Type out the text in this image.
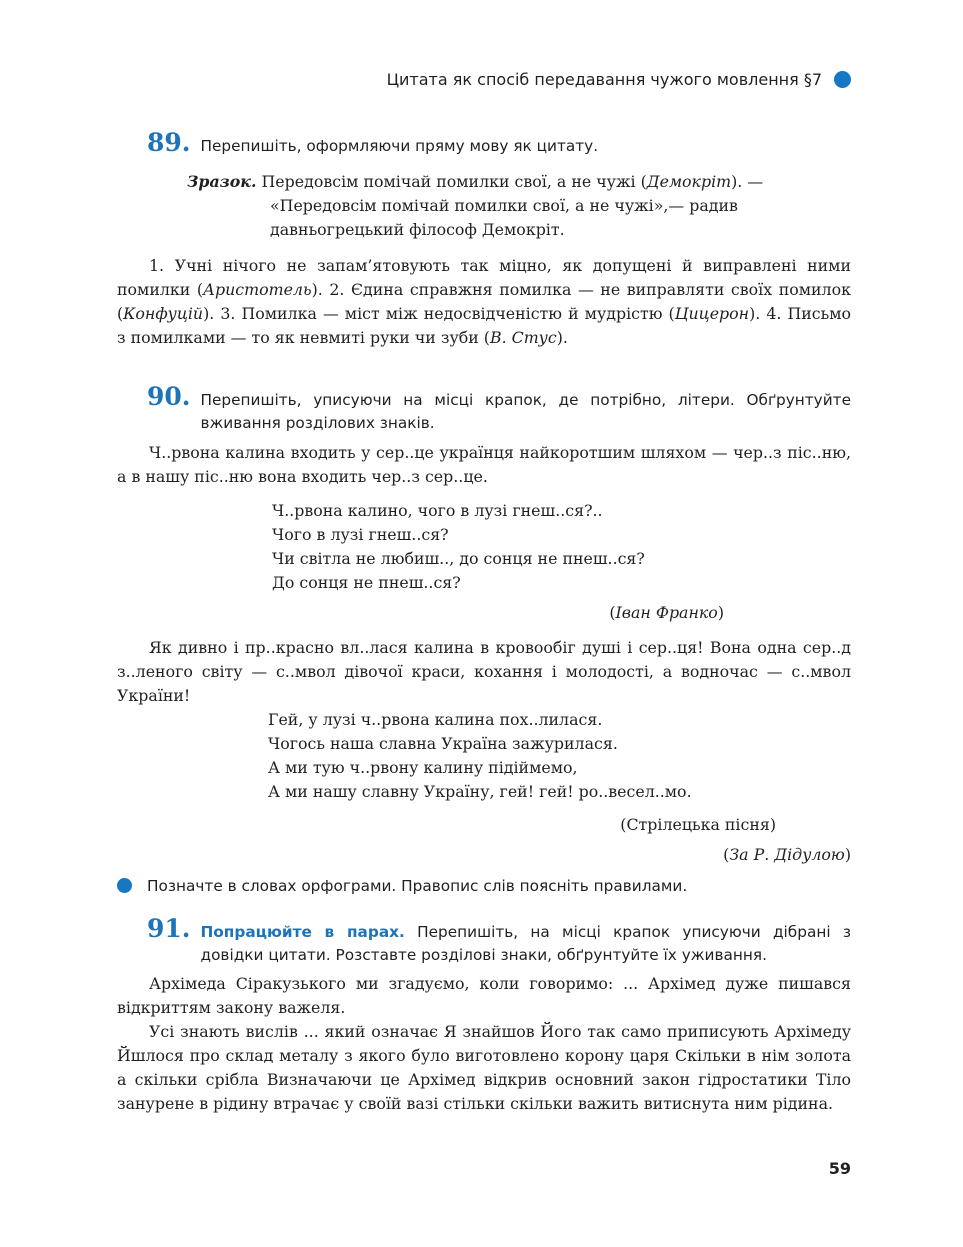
Цитата як спосіб передавання чужого мовлення §7
89. Перепишіть, оформляючи пряму мову як цитату.
Зразок. Передовсім помічай помилки свої, а не чужі (Демокріт). —
«Передовсім помічай помилки свої, а не чужі»,— радив
давньогрецький філософ Демокріт.

1. Учні нічого не запам’ятовують так міцно, як допущені й виправлені ними помилки (Аристотель). 2. Єдина справжня помилка — не виправляти своїх помилок (Конфуцій). 3. Помилка — міст між недосвідченістю й мудрістю (Цицерон). 4. Письмо з помилками — то як невмиті руки чи зуби (В. Стус).

90. Перепишіть, уписуючи на місці крапок, де потрібно, літери. Обґрунтуйте вживання розділових знаків.

Ч..рвона калина входить у сер..це українця найкоротшим шляхом — чер..з піс..ню, а в нашу піс..ню вона входить чер..з сер..це.

Ч..рвона калино, чого в лузі гнеш..ся?..
Чого в лузі гнеш..ся?
Чи світла не любиш.., до сонця не пнеш..ся?
До сонця не пнеш..ся?
(Іван Франко)

Як дивно і пр..красно вл..лася калина в кровообіг душі і сер..ця! Вона одна сер..д з..леного світу — с..мвол дівочої краси, кохання і молодості, а водночас — с..мвол України!

Гей, у лузі ч..рвона калина пох..лилася.
Чогось наша славна Україна зажурилася.
А ми тую ч..рвону калину підіймемо,
А ми нашу славну Україну, гей! гей! ро..весел..мо.
(Стрілецька пісня)
(За Р. Дідулою)
Позначте в словах орфограми. Правопис слів поясніть правилами.
91. Попрацюйте в парах. Перепишіть, на місці крапок уписуючи дібрані з довідки цитати. Розставте розділові знаки, обґрунтуйте їх уживання.

Архімеда Сіракузького ми згадуємо, коли говоримо: ... Архімед дуже пишався відкриттям закону важеля.

Усі знають вислів ... який означає Я знайшов Його так само приписують Архімеду Йшлося про склад металу з якого було виготовлено корону царя Скільки в нім золота а скільки срібла Визначаючи це Архімед відкрив основний закон гідростатики Тіло занурене в рідину втрачає у своїй вазі стільки скільки важить витиснута ним рідина.

59
